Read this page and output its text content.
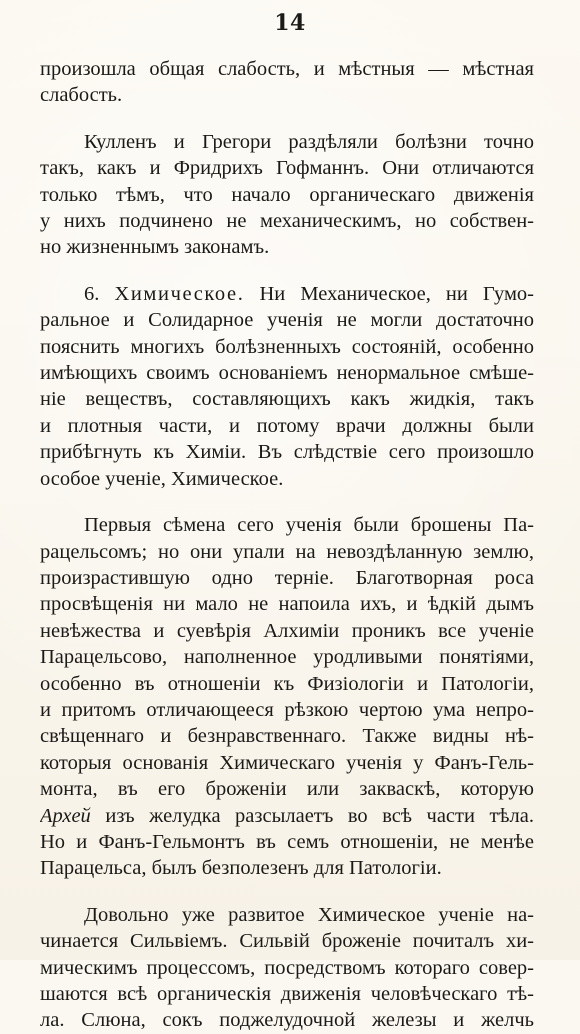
14

произошла общая слабость, и мѣстныя — мѣстная
слабость.

Кулленъ и Грегори раздѣляли болѣзни точно
такъ, какъ и Фридрихъ Гофманнъ. Они отличаются
только тѣмъ, что начало органическаго движенія
у нихъ подчинено не механическимъ, но собствен-
но жизненнымъ законамъ.

6. Химическое. Ни Механическое, ни Гумо-
ральное и Солидарное ученія не могли достаточно
пояснить многихъ болѣзненныхъ состояній, особенно
имѣющихъ своимъ основаніемъ ненормальное смѣше-
ніе веществъ, составляющихъ какъ жидкія, такъ
и плотныя части, и потому врачи должны были
прибѣгнуть къ Химіи. Въ слѣдствіе сего произошло
особое ученіе, Химическое.

Первыя сѣмена сего ученія были брошены Па-
рацельсомъ; но они упали на невоздѣланную землю,
произрастившую одно терніе. Благотворная роса
просвѣщенія ни мало не напоила ихъ, и ѣдкій дымъ
невѣжества и суевѣрія Алхиміи проникъ все ученіе
Парацельсово, наполненное уродливыми понятіями,
особенно въ отношеніи къ Физіологіи и Патологіи,
и притомъ отличающееся рѣзкою чертою ума непро-
свѣщеннаго и безнравственнаго. Также видны нѣ-
которыя основанія Химическаго ученія у Фанъ-Гель-
монта, въ его броженіи или закваскѣ, которую
Архей изъ желудка разсылаетъ во всѣ части тѣла.
Но и Фанъ-Гельмонтъ въ семъ отношеніи, не менѣе
Парацельса, былъ безполезенъ для Патологіи.

Довольно уже развитое Химическое ученіе на-
чинается Сильвіемъ. Сильвій броженіе почиталъ хи-
мическимъ процессомъ, посредствомъ котораго совер-
шаются всѣ органическія движенія человѣческаго тѣ-
ла. Слюна, сокъ поджелудочной железы и желчь
